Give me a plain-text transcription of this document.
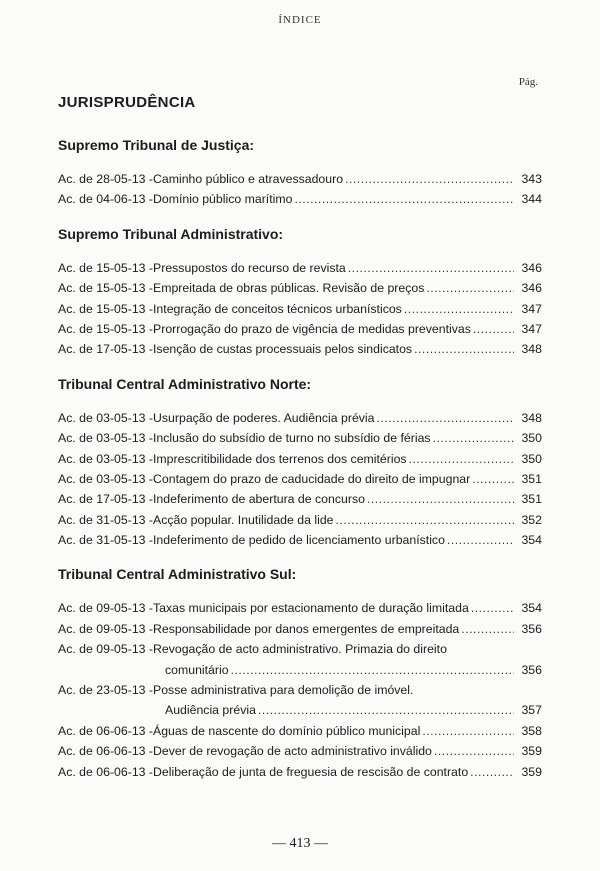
ÍNDICE
Pág.
JURISPRUDÊNCIA
Supremo Tribunal de Justiça:
Ac. de 28-05-13 - Caminho público e atravessadouro .....	343
Ac. de 04-06-13 - Domínio público marítimo .....	344
Supremo Tribunal Administrativo:
Ac. de 15-05-13 - Pressupostos do recurso de revista .....	346
Ac. de 15-05-13 - Empreitada de obras públicas. Revisão de preços .....	346
Ac. de 15-05-13 - Integração de conceitos técnicos urbanísticos .....	347
Ac. de 15-05-13 - Prorrogação do prazo de vigência de medidas preventivas .....	347
Ac. de 17-05-13 - Isenção de custas processuais pelos sindicatos .....	348
Tribunal Central Administrativo Norte:
Ac. de 03-05-13 - Usurpação de poderes. Audiência prévia .....	348
Ac. de 03-05-13 - Inclusão do subsídio de turno no subsídio de férias .....	350
Ac. de 03-05-13 - Imprescritibilidade dos terrenos dos cemitérios .....	350
Ac. de 03-05-13 - Contagem do prazo de caducidade do direito de impugnar .....	351
Ac. de 17-05-13 - Indeferimento de abertura de concurso .....	351
Ac. de 31-05-13 - Acção popular. Inutilidade da lide .....	352
Ac. de 31-05-13 - Indeferimento de pedido de licenciamento urbanístico .....	354
Tribunal Central Administrativo Sul:
Ac. de 09-05-13 - Taxas municipais por estacionamento de duração limitada .....	354
Ac. de 09-05-13 - Responsabilidade por danos emergentes de empreitada .....	356
Ac. de 09-05-13 - Revogação de acto administrativo. Primazia do direito
comunitário .....	356
Ac. de 23-05-13 - Posse administrativa para demolição de imóvel.
Audiência prévia .....	357
Ac. de 06-06-13 - Águas de nascente do domínio público municipal .....	358
Ac. de 06-06-13 - Dever de revogação de acto administrativo inválido .....	359
Ac. de 06-06-13 - Deliberação de junta de freguesia de rescisão de contrato .....	359
— 413 —
